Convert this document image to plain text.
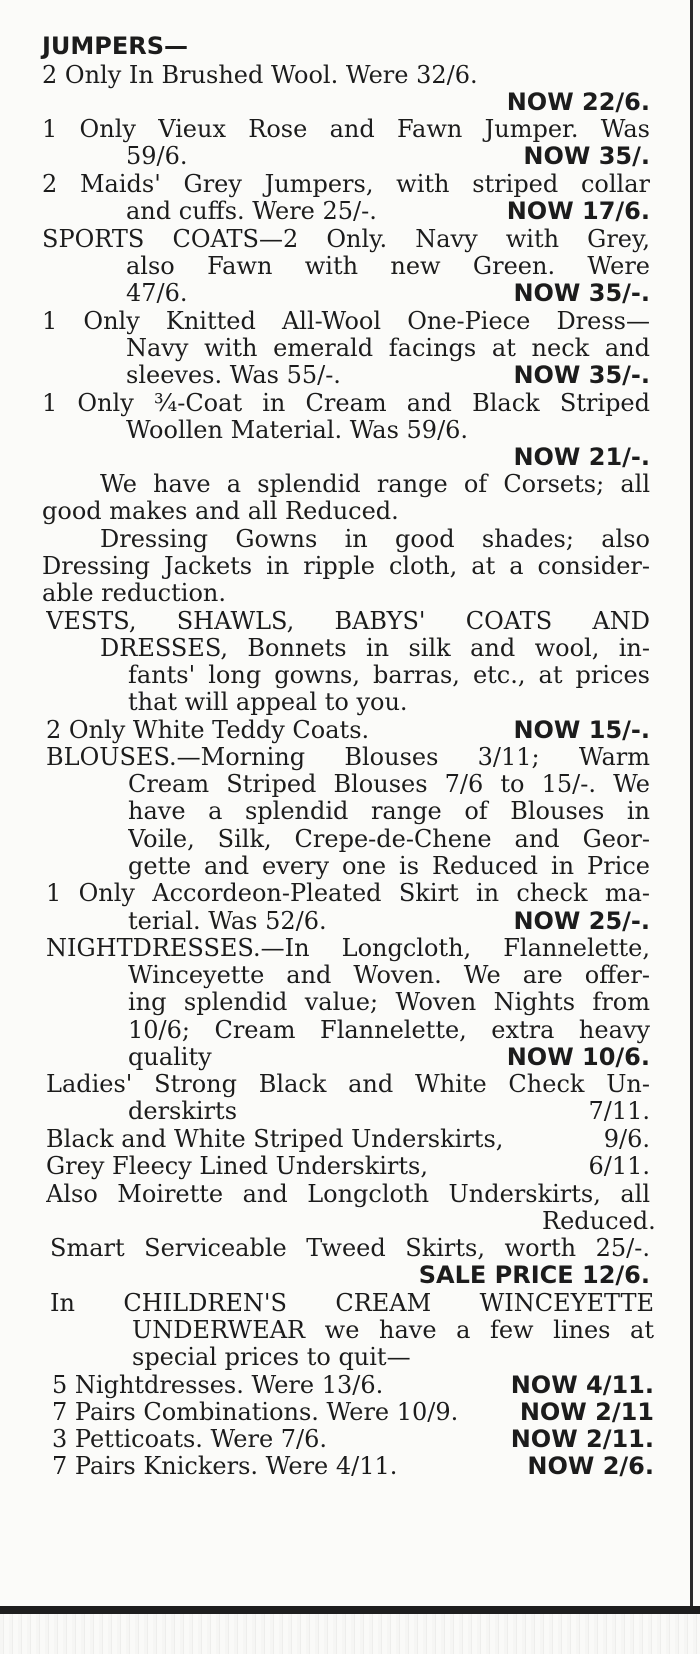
JUMPERS—

2 Only In Brushed Wool. Were 32/6.

NOW 22/6.

1 Only Vieux Rose and Fawn Jumper. Was

59/6.	NOW 35/.

2 Maids' Grey Jumpers, with striped collar

and cuffs. Were 25/-.	NOW 17/6.

SPORTS COATS—2 Only. Navy with Grey,

also Fawn with new Green. Were

47/6.	NOW 35/-.

1 Only Knitted All-Wool One-Piece Dress—

Navy with emerald facings at neck and

sleeves. Was 55/-.	NOW 35/-.

1 Only ¾-Coat in Cream and Black Striped

Woollen Material. Was 59/6.

NOW 21/-.

We have a splendid range of Corsets; all

good makes and all Reduced.

Dressing Gowns in good shades; also

Dressing Jackets in ripple cloth, at a consider-

able reduction.

VESTS, SHAWLS, BABYS' COATS AND

DRESSES, Bonnets in silk and wool, in-

fants' long gowns, barras, etc., at prices

that will appeal to you.

2 Only White Teddy Coats.	NOW 15/-.

BLOUSES.—Morning Blouses 3/11; Warm

Cream Striped Blouses 7/6 to 15/-. We

have a splendid range of Blouses in

Voile, Silk, Crepe-de-Chene and Geor-

gette and every one is Reduced in Price

1 Only Accordeon-Pleated Skirt in check ma-

terial. Was 52/6.	NOW 25/-.

NIGHTDRESSES.—In Longcloth, Flannelette,

Winceyette and Woven. We are offer-

ing splendid value; Woven Nights from

10/6; Cream Flannelette, extra heavy

quality	NOW 10/6.

Ladies' Strong Black and White Check Un-

derskirts	7/11.

Black and White Striped Underskirts,	9/6.

Grey Fleecy Lined Underskirts,	6/11.

Also Moirette and Longcloth Underskirts, all

Reduced.

Smart Serviceable Tweed Skirts, worth 25/-.

SALE PRICE 12/6.

In CHILDREN'S CREAM WINCEYETTE

UNDERWEAR we have a few lines at

special prices to quit—

5 Nightdresses. Were 13/6.	NOW 4/11.

7 Pairs Combinations. Were 10/9.	NOW 2/11

3 Petticoats. Were 7/6.	NOW 2/11.

7 Pairs Knickers. Were 4/11.	NOW 2/6.
